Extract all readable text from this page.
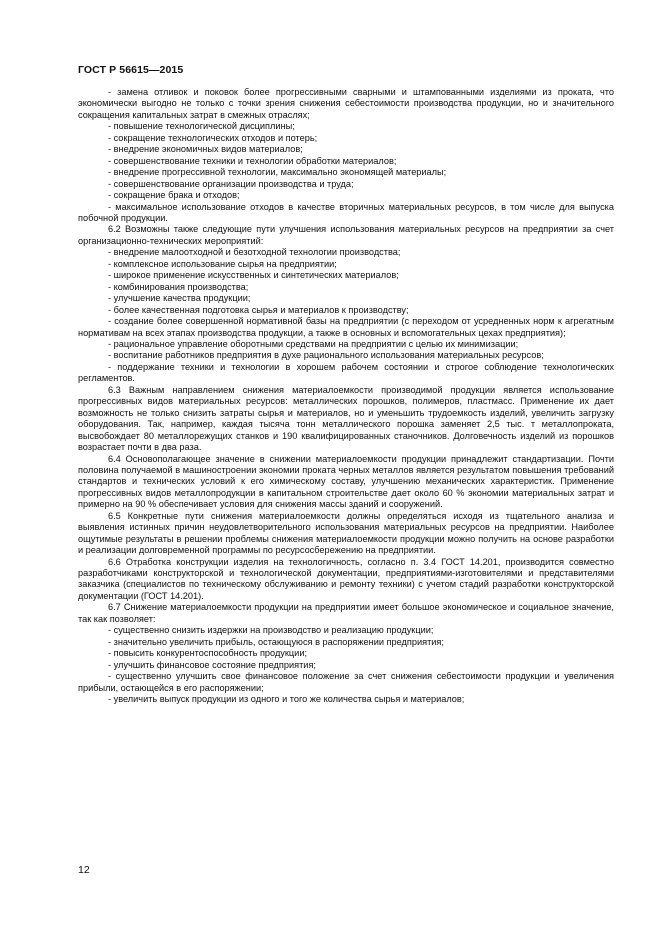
ГОСТ Р 56615—2015

- замена отливок и поковок более прогрессивными сварными и штампованными изделиями из проката, что экономически выгодно не только с точки зрения снижения себестоимости производства продукции, но и значительного сокращения капитальных затрат в смежных отраслях;

- повышение технологической дисциплины;

- сокращение технологических отходов и потерь;

- внедрение экономичных видов материалов;

- совершенствование техники и технологии обработки материалов;

- внедрение прогрессивной технологии, максимально экономящей материалы;

- совершенствование организации производства и труда;

- сокращение брака и отходов;

- максимальное использование отходов в качестве вторичных материальных ресурсов, в том числе для выпуска побочной продукции.

6.2 Возможны также следующие пути улучшения использования материальных ресурсов на предприятии за счет организационно-технических мероприятий:

- внедрение малоотходной и безотходной технологии производства;

- комплексное использование сырья на предприятии;

- широкое применение искусственных и синтетических материалов;

- комбинирования производства;

- улучшение качества продукции;

- более качественная подготовка сырья и материалов к производству;

- создание более совершенной нормативной базы на предприятии (с переходом от усредненных норм к агрегатным нормативам на всех этапах производства продукции, а также в основных и вспомогательных цехах предприятия);

- рациональное управление оборотными средствами на предприятии с целью их минимизации;

- воспитание работников предприятия в духе рационального использования материальных ресурсов;

- поддержание техники и технологии в хорошем рабочем состоянии и строгое соблюдение технологических регламентов.

6.3 Важным направлением снижения материалоемкости производимой продукции является использование прогрессивных видов материальных ресурсов: металлических порошков, полимеров, пластмасс. Применение их дает возможность не только снизить затраты сырья и материалов, но и уменьшить трудоемкость изделий, увеличить загрузку оборудования. Так, например, каждая тысяча тонн металлического порошка заменяет 2,5 тыс. т металлопроката, высвобождает 80 металлорежущих станков и 190 квалифицированных станочников. Долговечность изделий из порошков возрастает почти в два раза.

6.4 Основополагающее значение в снижении материалоемкости продукции принадлежит стандартизации. Почти половина получаемой в машиностроении экономии проката черных металлов является результатом повышения требований стандартов и технических условий к его химическому составу, улучшению механических характеристик. Применение прогрессивных видов металлопродукции в капитальном строительстве дает около 60 % экономии материальных затрат и примерно на 90 % обеспечивает условия для снижения массы зданий и сооружений.

6.5 Конкретные пути снижения материалоемкости должны определяться исходя из тщательного анализа и выявления истинных причин неудовлетворительного использования материальных ресурсов на предприятии. Наиболее ощутимые результаты в решении проблемы снижения материалоемкости продукции можно получить на основе разработки и реализации долговременной программы по ресурсосбережению на предприятии.

6.6 Отработка конструкции изделия на технологичность, согласно п. 3.4 ГОСТ 14.201, производится совместно разработчиками конструкторской и технологической документации, предприятиями-изготовителями и представителями заказчика (специалистов по техническому обслуживанию и ремонту техники) с учетом стадий разработки конструкторской документации (ГОСТ 14.201).

6.7 Снижение материалоемкости продукции на предприятии имеет большое экономическое и социальное значение, так как позволяет:

- существенно снизить издержки на производство и реализацию продукции;

- значительно увеличить прибыль, остающуюся в распоряжении предприятия;

- повысить конкурентоспособность продукции;

- улучшить финансовое состояние предприятия;

- существенно улучшить свое финансовое положение за счет снижения себестоимости продукции и увеличения прибыли, остающейся в его распоряжении;

- увеличить выпуск продукции из одного и того же количества сырья и материалов;

12
